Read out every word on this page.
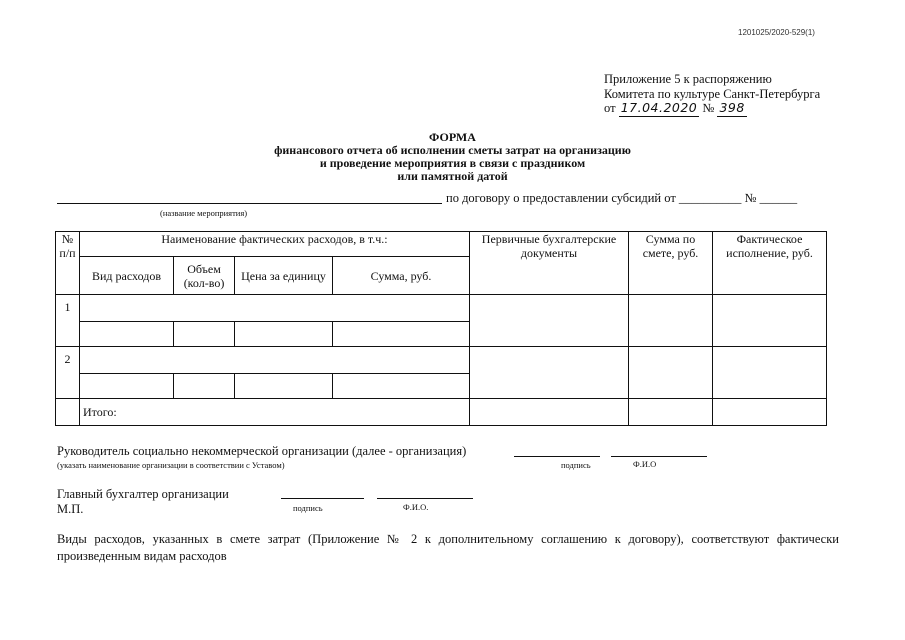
1201025/2020-529(1)
Приложение 5 к распоряжению
Комитета по культуре Санкт-Петербурга
от 17.04.2020 № 398
ФОРМА
финансового отчета об исполнении сметы затрат на организацию
и проведение мероприятия в связи с праздником
или памятной датой
по договору о предоставлении субсидий от __________ № ______
(название мероприятия)
№ п/п	Наименование фактических расходов, в т.ч.:				Первичные бухгалтерские документы	Сумма по смете, руб.	Фактическое исполнение, руб.
	Вид расходов	Объем (кол-во)	Цена за единицу	Сумма, руб.			
1							

2							

	Итого:						
Руководитель социально некоммерческой организации (далее - организация)
(указать наименование организации в соответствии с Уставом)	подпись	Ф.И.О
Главный бухгалтер организации
М.П.	подпись	Ф.И.О.
Виды расходов, указанных в смете затрат (Приложение № 2 к дополнительному соглашению к договору), соответствуют фактически произведенным видам расходов
